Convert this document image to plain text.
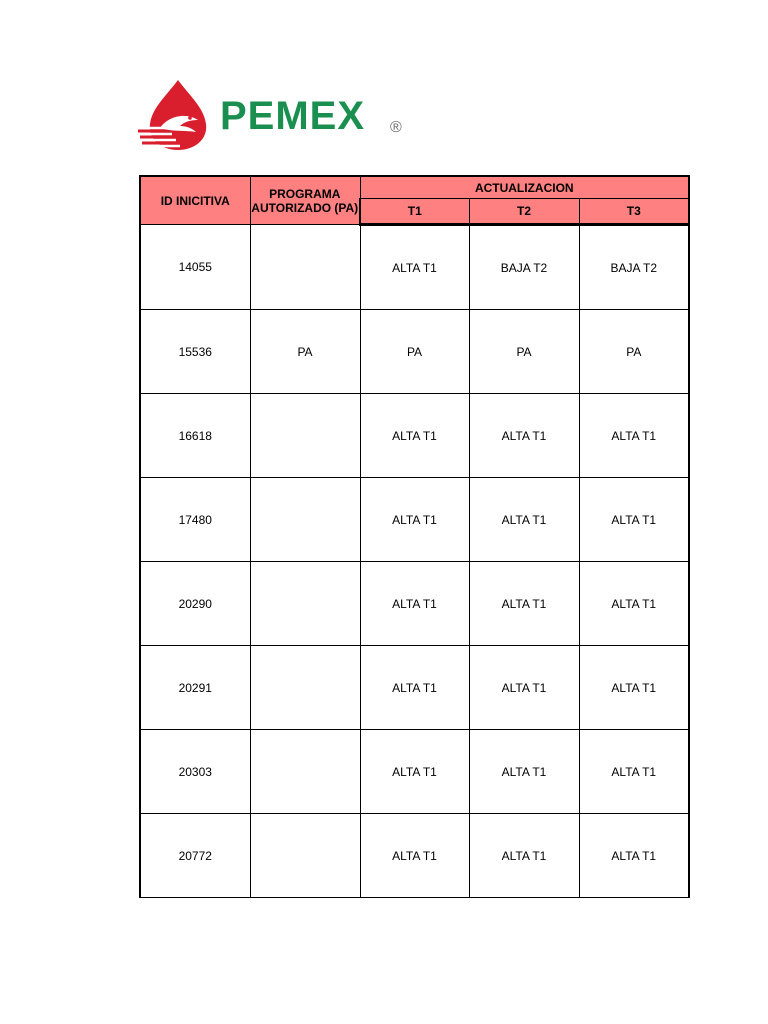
PEMEX ®
ID INICITIVA	PROGRAMA AUTORIZADO (PA)	ACTUALIZACION		
		T1	T2	T3
14055		ALTA T1	BAJA T2	BAJA T2
15536	PA	PA	PA	PA
16618		ALTA T1	ALTA T1	ALTA T1
17480		ALTA T1	ALTA T1	ALTA T1
20290		ALTA T1	ALTA T1	ALTA T1
20291		ALTA T1	ALTA T1	ALTA T1
20303		ALTA T1	ALTA T1	ALTA T1
20772		ALTA T1	ALTA T1	ALTA T1
